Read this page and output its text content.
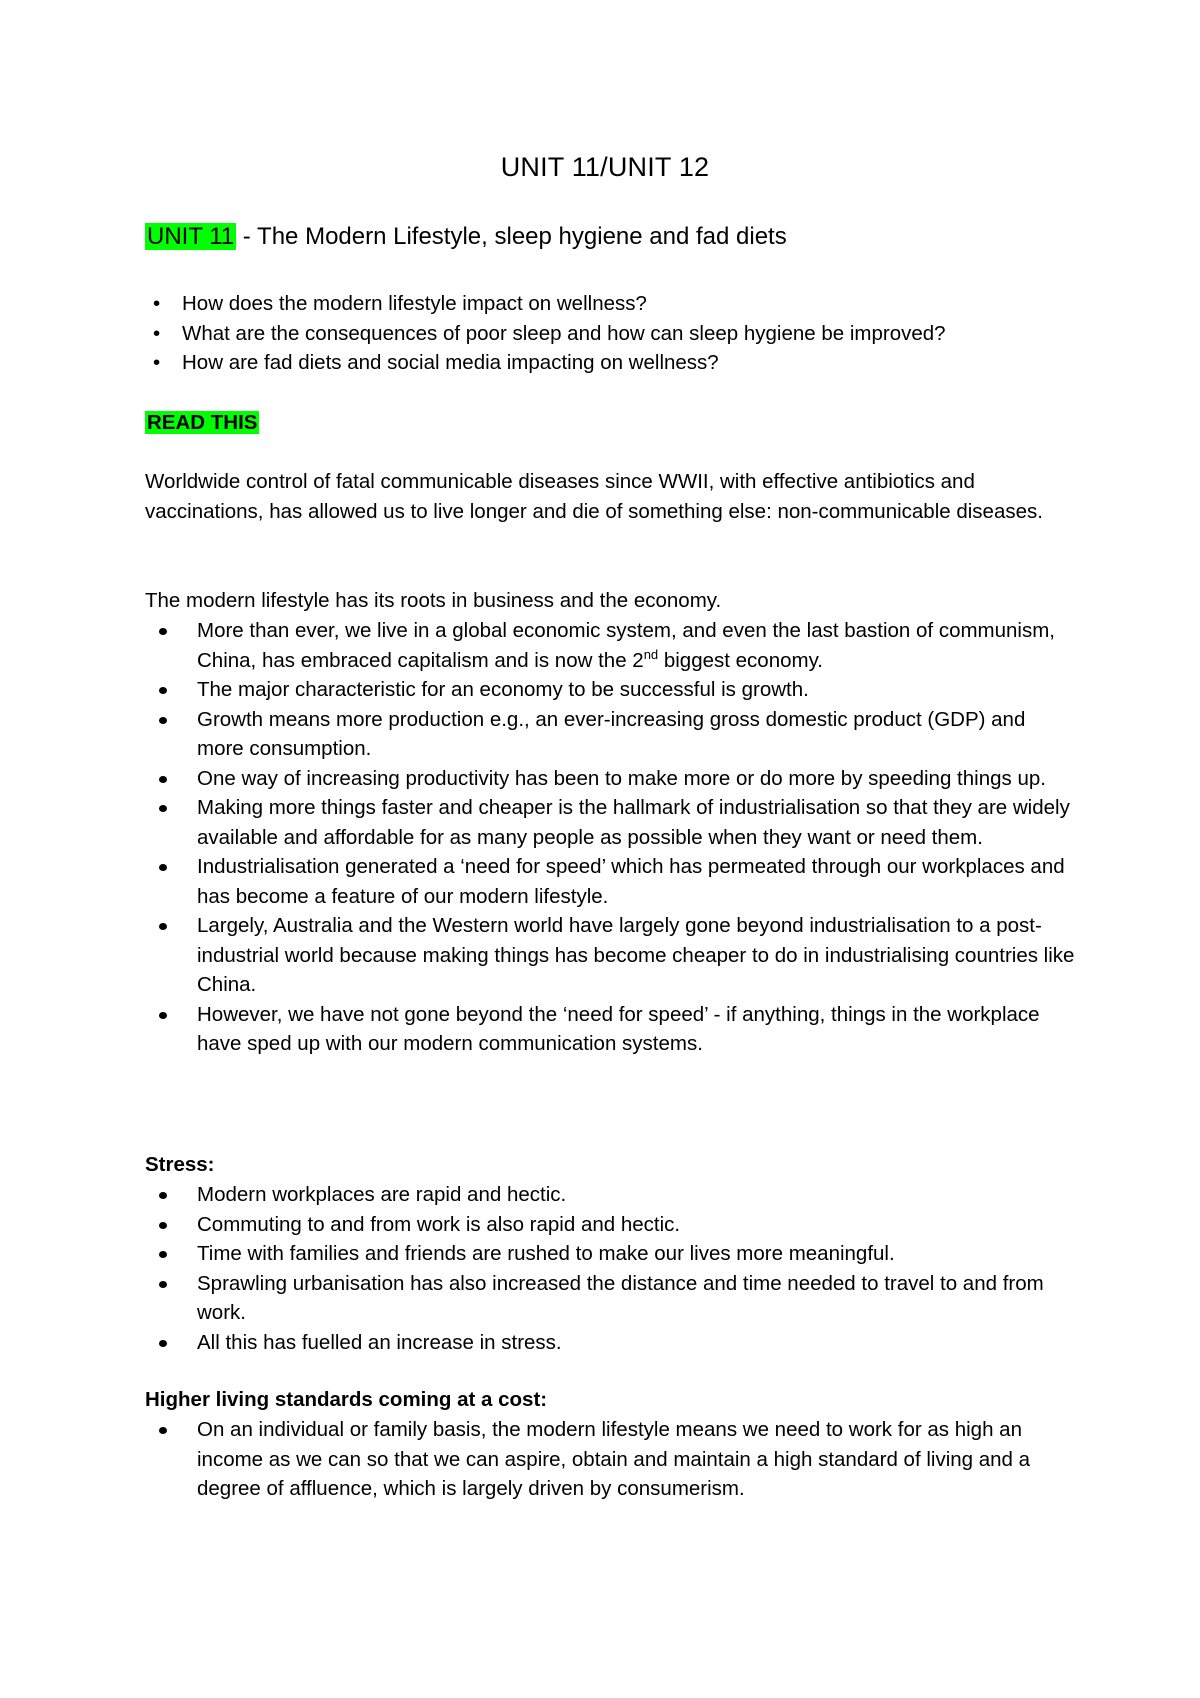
UNIT 11/UNIT 12
UNIT 11 - The Modern Lifestyle, sleep hygiene and fad diets
• How does the modern lifestyle impact on wellness?
• What are the consequences of poor sleep and how can sleep hygiene be improved?
• How are fad diets and social media impacting on wellness?
READ THIS

Worldwide control of fatal communicable diseases since WWII, with effective antibiotics and vaccinations, has allowed us to live longer and die of something else: non-communicable diseases.

The modern lifestyle has its roots in business and the economy.

More than ever, we live in a global economic system, and even the last bastion of communism, China, has embraced capitalism and is now the 2nd biggest economy.
The major characteristic for an economy to be successful is growth.
Growth means more production e.g., an ever-increasing gross domestic product (GDP) and more consumption.
One way of increasing productivity has been to make more or do more by speeding things up.
Making more things faster and cheaper is the hallmark of industrialisation so that they are widely available and affordable for as many people as possible when they want or need them.
Industrialisation generated a ‘need for speed’ which has permeated through our workplaces and has become a feature of our modern lifestyle.
Largely, Australia and the Western world have largely gone beyond industrialisation to a post-industrial world because making things has become cheaper to do in industrialising countries like China.
However, we have not gone beyond the ‘need for speed’ - if anything, things in the workplace have sped up with our modern communication systems.

Stress:

Modern workplaces are rapid and hectic.
Commuting to and from work is also rapid and hectic.
Time with families and friends are rushed to make our lives more meaningful.
Sprawling urbanisation has also increased the distance and time needed to travel to and from work.
All this has fuelled an increase in stress.

Higher living standards coming at a cost:

On an individual or family basis, the modern lifestyle means we need to work for as high an income as we can so that we can aspire, obtain and maintain a high standard of living and a degree of affluence, which is largely driven by consumerism.
